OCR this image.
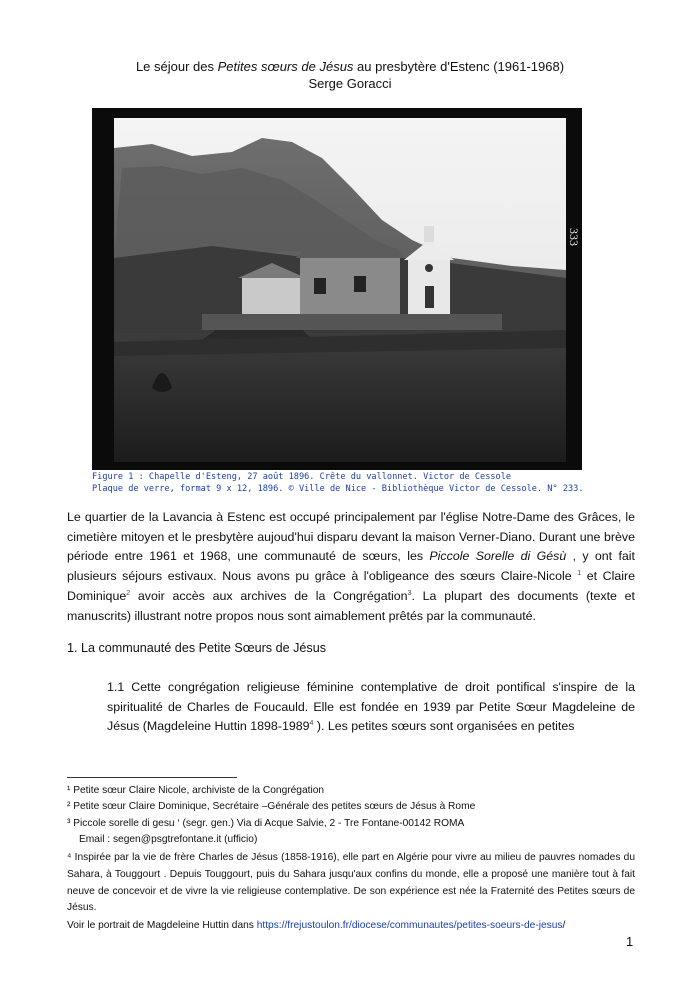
Le séjour des Petites sœurs de Jésus au presbytère d'Estenc (1961-1968)
Serge Goracci
333
Figure 1 : Chapelle d'Esteng, 27 août 1896. Crête du vallonnet. Victor de Cessole
Plaque de verre, format 9 x 12, 1896. © Ville de Nice - Bibliothèque Victor de Cessole. N° 233.
Le quartier de la Lavancia à Estenc est occupé principalement par l'église Notre-Dame des Grâces, le cimetière mitoyen et le presbytère aujoud'hui disparu devant la maison Verner-Diano. Durant une brève période entre 1961 et 1968, une communauté de sœurs, les Piccole Sorelle di Gésù , y ont fait plusieurs séjours estivaux. Nous avons pu grâce à l'obligeance des sœurs Claire-Nicole $^1$ et Claire Dominique$^2$ avoir accès aux archives de la Congrégation$^3$. La plupart des documents (texte et manuscrits) illustrant notre propos nous sont aimablement prêtés par la communauté.
1. La communauté des Petite Sœurs de Jésus
1.1 Cette congrégation religieuse féminine contemplative de droit pontifical s'inspire de la spiritualité de Charles de Foucauld. Elle est fondée en 1939 par Petite Sœur Magdeleine de Jésus (Magdeleine Huttin 1898-1989$^4$ ). Les petites sœurs sont organisées en petites
¹ Petite sœur Claire Nicole, archiviste de la Congrégation
² Petite sœur Claire Dominique, Secrétaire –Générale des petites sœurs de Jésus à Rome
³ Piccole sorelle di gesu ‘ (segr. gen.) Via di Acque Salvie, 2 - Tre Fontane-00142 ROMA
Email : segen@psgtrefontane.it (ufficio)
⁴ Inspirée par la vie de frère Charles de Jésus (1858-1916), elle part en Algérie pour vivre au milieu de pauvres nomades du Sahara, à Touggourt . Depuis Touggourt, puis du Sahara jusqu'aux confins du monde, elle a proposé une manière tout à fait neuve de concevoir et de vivre la vie religieuse contemplative. De son expérience est née la Fraternité des Petites sœurs de Jésus.
Voir le portrait de Magdeleine Huttin dans https://frejustoulon.fr/diocese/communautes/petites-soeurs-de-jesus/
1
